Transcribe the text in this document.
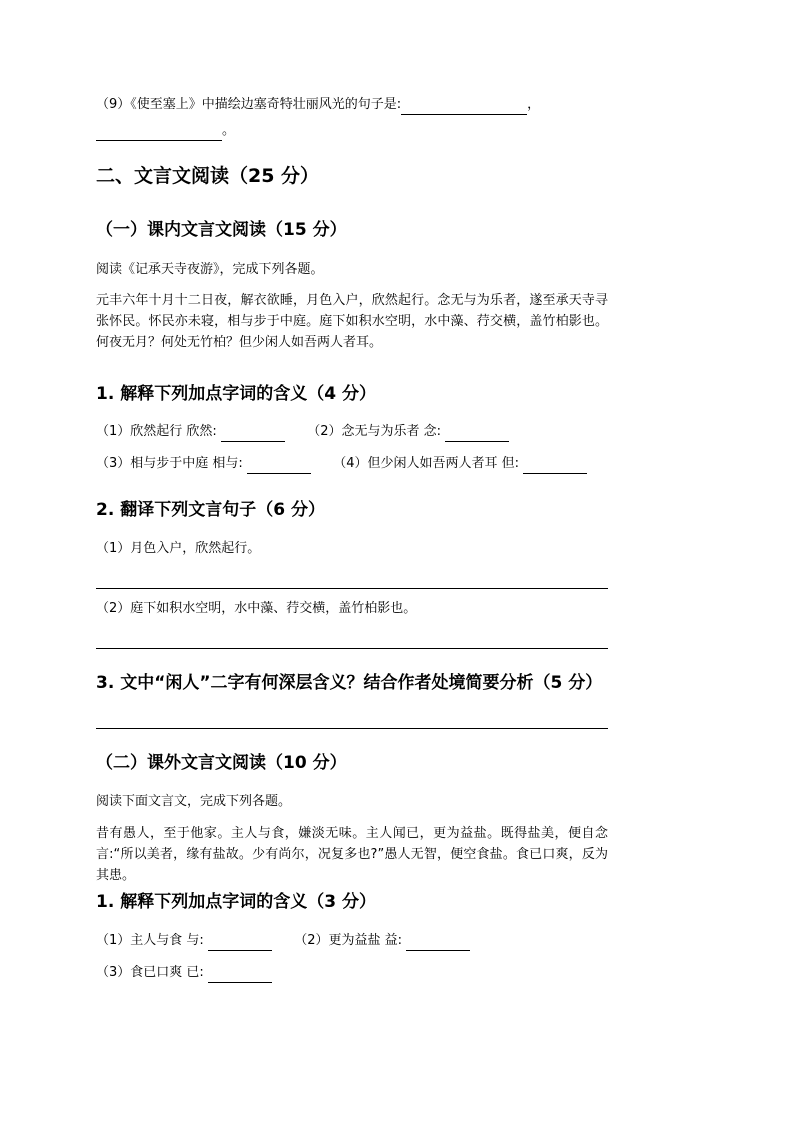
（9）《使至塞上》中描绘边塞奇特壮丽风光的句子是:	，
。
二、文言文阅读（25 分）
（一）课内文言文阅读（15 分）
阅读《记承天寺夜游》，完成下列各题。
元丰六年十月十二日夜，解衣欲睡，月色入户，欣然起行。念无与为乐者，遂至承天寺寻张怀民。怀民亦未寝，相与步于中庭。庭下如积水空明，水中藻、荇交横，盖竹柏影也。何夜无月？何处无竹柏？但少闲人如吾两人者耳。
1. 解释下列加点字词的含义（4 分）
（1）欣然起行 欣然:	（2）念无与为乐者 念:
（3）相与步于中庭 相与:	（4）但少闲人如吾两人者耳 但:
2. 翻译下列文言句子（6 分）
（1）月色入户，欣然起行。
（2）庭下如积水空明，水中藻、荇交横，盖竹柏影也。
3. 文中“闲人”二字有何深层含义？结合作者处境简要分析（5 分）
（二）课外文言文阅读（10 分）
阅读下面文言文，完成下列各题。
昔有愚人，至于他家。主人与食，嫌淡无味。主人闻已，更为益盐。既得盐美，便自念言:“所以美者，缘有盐故。少有尚尔，况复多也?”愚人无智，便空食盐。食已口爽，反为其患。
1. 解释下列加点字词的含义（3 分）
（1）主人与食 与:	（2）更为益盐 益:
（3）食已口爽 已:
